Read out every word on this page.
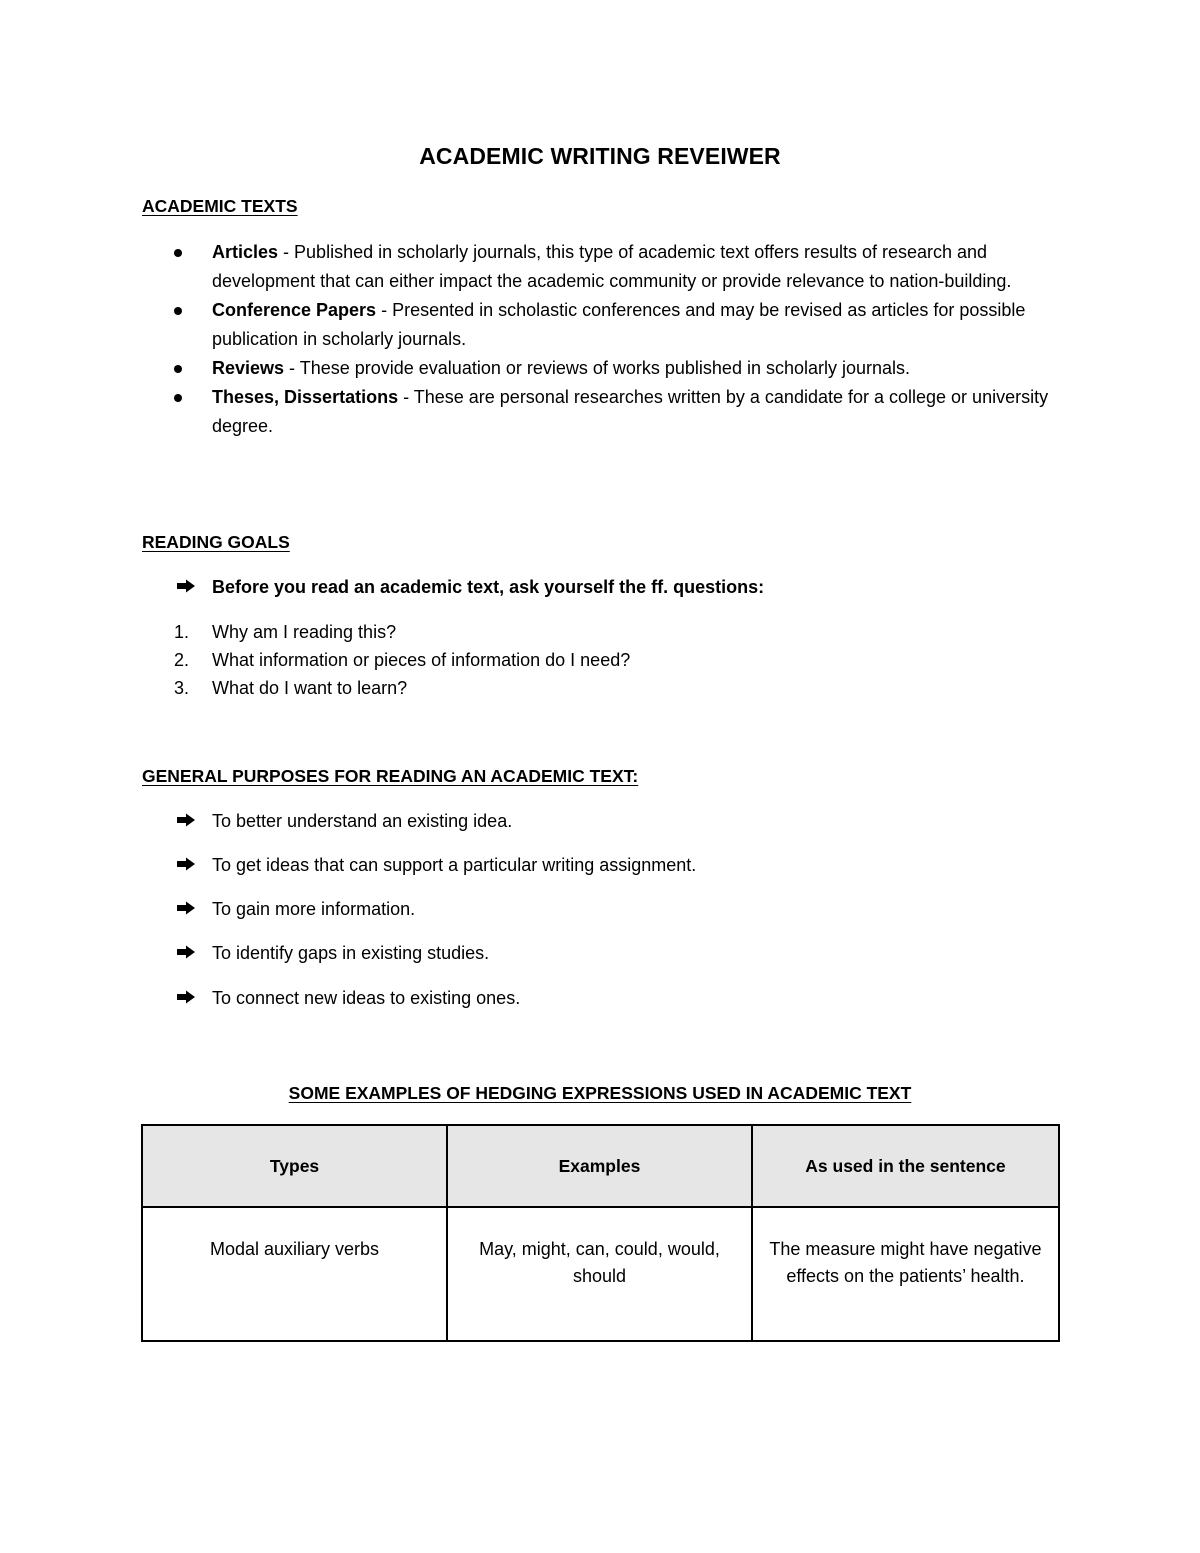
ACADEMIC WRITING REVEIWER
ACADEMIC TEXTS
Articles - Published in scholarly journals, this type of academic text offers results of research and development that can either impact the academic community or provide relevance to nation-building.
Conference Papers - Presented in scholastic conferences and may be revised as articles for possible publication in scholarly journals.
Reviews - These provide evaluation or reviews of works published in scholarly journals.
Theses, Dissertations - These are personal researches written by a candidate for a college or university degree.
READING GOALS
Before you read an academic text, ask yourself the ff. questions:
1. Why am I reading this?
2. What information or pieces of information do I need?
3. What do I want to learn?
GENERAL PURPOSES FOR READING AN ACADEMIC TEXT:
To better understand an existing idea.
To get ideas that can support a particular writing assignment.
To gain more information.
To identify gaps in existing studies.
To connect new ideas to existing ones.
SOME EXAMPLES OF HEDGING EXPRESSIONS USED IN ACADEMIC TEXT
Types	Examples	As used in the sentence
Modal auxiliary verbs	May, might, can, could, would, should	The measure might have negative effects on the patients’ health.
